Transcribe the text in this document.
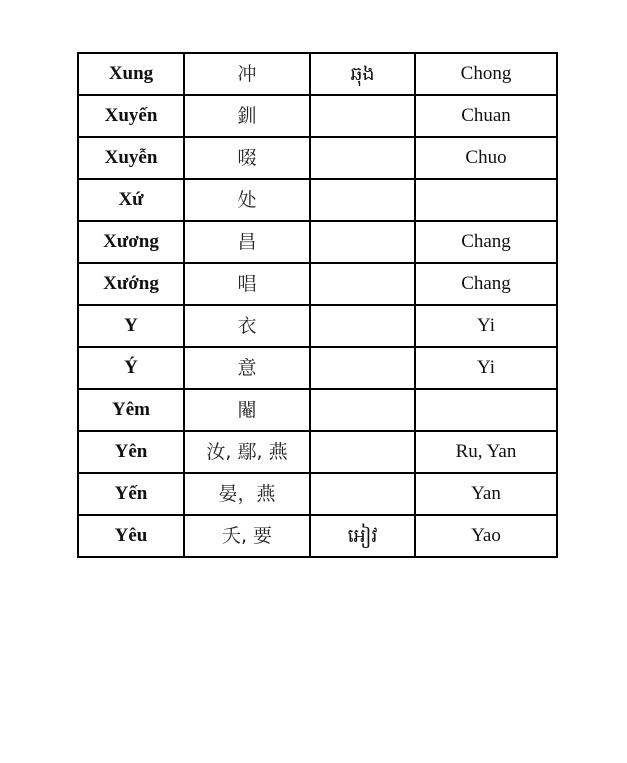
Xung	冲	ឆុង	Chong
Xuyến	釧		Chuan
Xuyễn	啜		Chuo
Xứ	处		
Xương	昌		Chang
Xướng	唱		Chang
Y	衣		Yi
Ý	意		Yi
Yêm	閹		
Yên	汝, 鄢, 燕		Ru, Yan
Yến	晏，燕		Yan
Yêu	夭, 要	អៀវ	Yao
